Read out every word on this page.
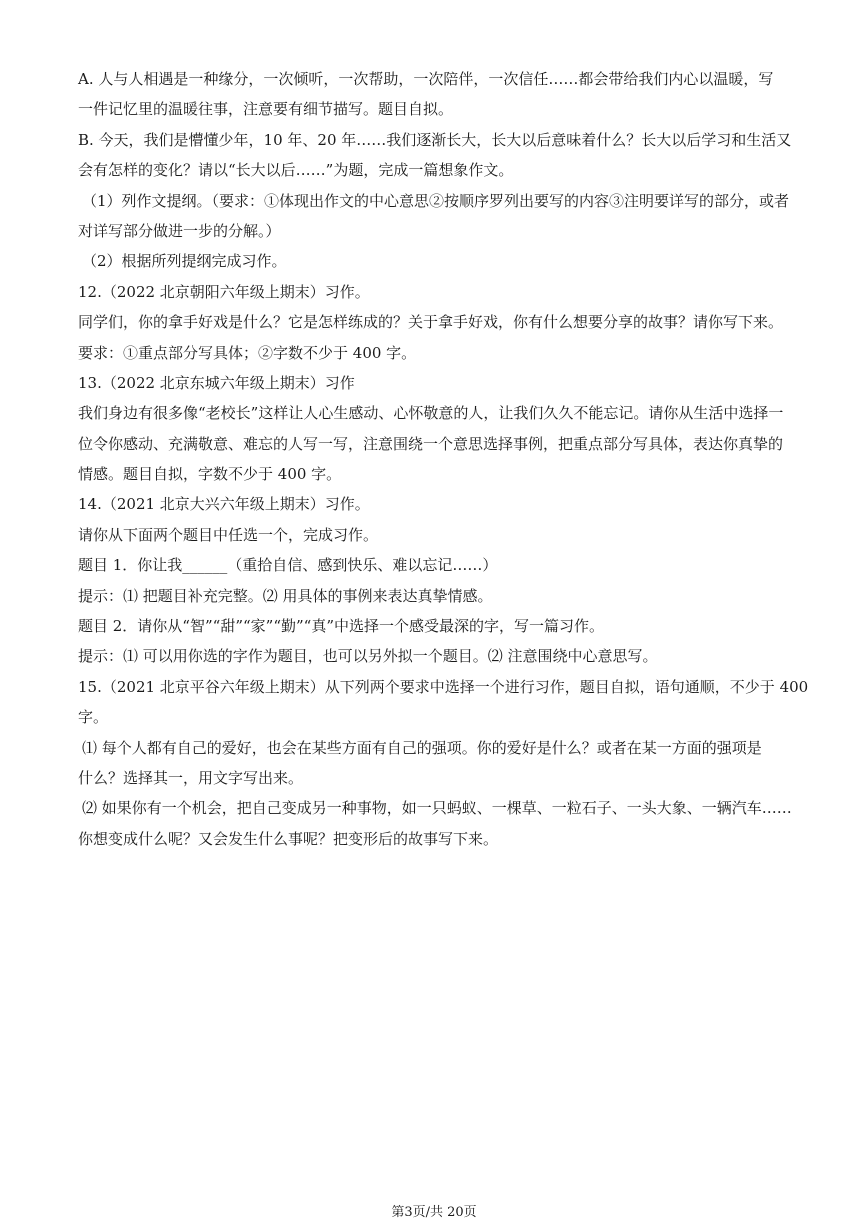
A. 人与人相遇是一种缘分，一次倾听，一次帮助，一次陪伴，一次信任……都会带给我们内心以温暖，写
一件记忆里的温暖往事，注意要有细节描写。题目自拟。
B. 今天，我们是懵懂少年，10 年、20 年……我们逐渐长大，长大以后意味着什么？长大以后学习和生活又
会有怎样的变化？请以“长大以后……”为题，完成一篇想象作文。
（1）列作文提纲。（要求：①体现出作文的中心意思②按顺序罗列出要写的内容③注明要详写的部分，或者
对详写部分做进一步的分解。）
（2）根据所列提纲完成习作。
12.（2022 北京朝阳六年级上期末）习作。
同学们，你的拿手好戏是什么？它是怎样练成的？关于拿手好戏，你有什么想要分享的故事？请你写下来。
要求：①重点部分写具体；②字数不少于 400 字。
13.（2022 北京东城六年级上期末）习作
我们身边有很多像“老校长”这样让人心生感动、心怀敬意的人，让我们久久不能忘记。请你从生活中选择一
位令你感动、充满敬意、难忘的人写一写，注意围绕一个意思选择事例，把重点部分写具体，表达你真挚的
情感。题目自拟，字数不少于 400 字。
14.（2021 北京大兴六年级上期末）习作。
请你从下面两个题目中任选一个，完成习作。
题目 1．你让我______（重拾自信、感到快乐、难以忘记……）
提示：⑴ 把题目补充完整。⑵ 用具体的事例来表达真挚情感。
题目 2．请你从“智”“甜”“家”“勤”“真”中选择一个感受最深的字，写一篇习作。
提示：⑴ 可以用你选的字作为题目，也可以另外拟一个题目。⑵ 注意围绕中心意思写。
15.（2021 北京平谷六年级上期末）从下列两个要求中选择一个进行习作，题目自拟，语句通顺，不少于 400
字。
⑴ 每个人都有自己的爱好，也会在某些方面有自己的强项。你的爱好是什么？或者在某一方面的强项是
什么？选择其一，用文字写出来。
⑵ 如果你有一个机会，把自己变成另一种事物，如一只蚂蚁、一棵草、一粒石子、一头大象、一辆汽车……
你想变成什么呢？又会发生什么事呢？把变形后的故事写下来。
第3页/共 20页
